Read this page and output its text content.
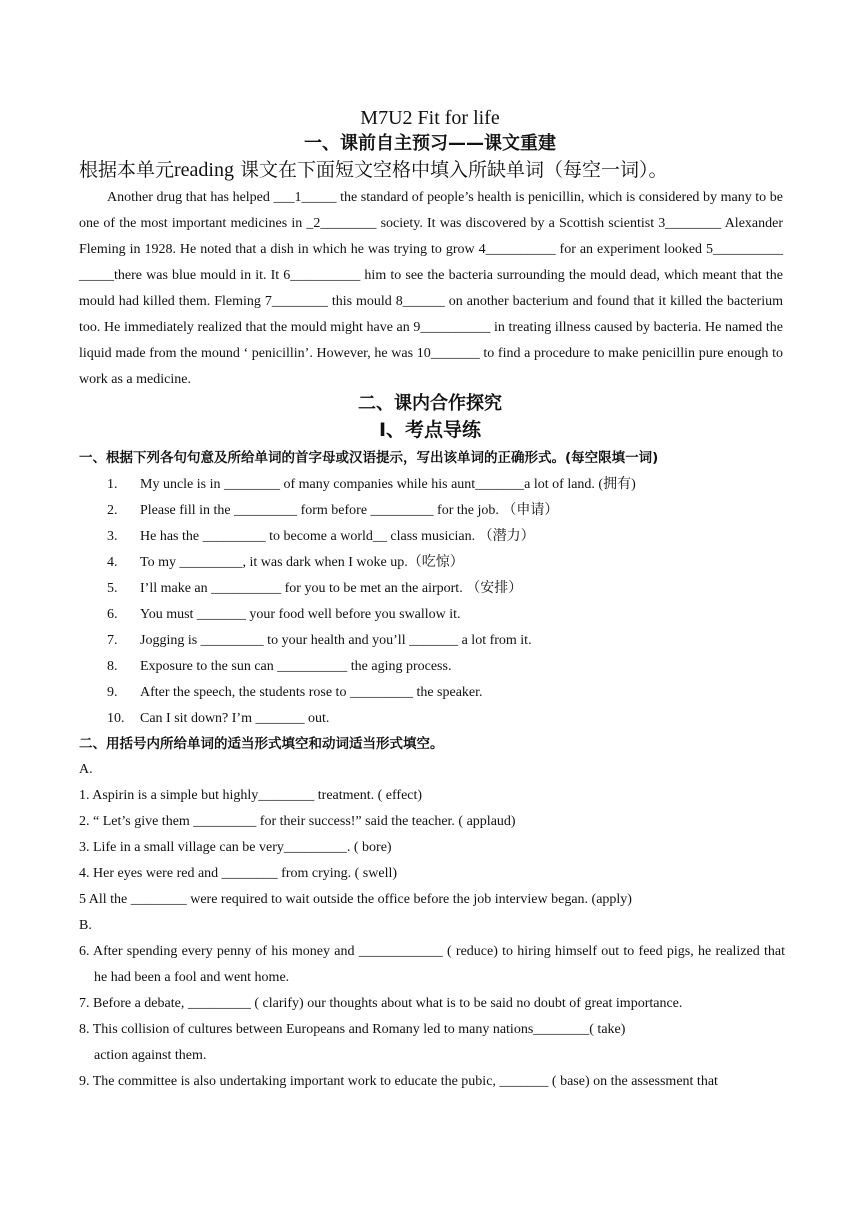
M7U2 Fit for life
一、课前自主预习——课文重建
根据本单元reading 课文在下面短文空格中填入所缺单词（每空一词）。
Another drug that has helped ___1_____ the standard of people’s health is penicillin, which is considered by many to be one of the most important medicines in _2________ society. It was discovered by a Scottish scientist 3________ Alexander Fleming in 1928. He noted that a dish in which he was trying to grow 4__________ for an experiment looked 5__________ _____there was blue mould in it. It 6__________ him to see the bacteria surrounding the mould dead, which meant that the mould had killed them. Fleming 7________ this mould 8______ on another bacterium and found that it killed the bacterium too. He immediately realized that the mould might have an 9__________ in treating illness caused by bacteria. He named the liquid made from the mound ‘ penicillin’. However, he was 10_______ to find a procedure to make penicillin pure enough to work as a medicine.
二、课内合作探究
I、考点导练
一、根据下列各句句意及所给单词的首字母或汉语提示，写出该单词的正确形式。(每空限填一词)
1. My uncle is in ________ of many companies while his aunt_______a lot of land. (拥有)
2. Please fill in the _________ form before _________ for the job. （申请）
3. He has the _________ to become a world__ class musician. （潜力）
4. To my _________, it was dark when I woke up.（吃惊）
5. I’ll make an __________ for you to be met an the airport. （安排）
6. You must _______ your food well before you swallow it.
7. Jogging is _________ to your health and you’ll _______ a lot from it.
8. Exposure to the sun can __________ the aging process.
9. After the speech, the students rose to _________ the speaker.
10. Can I sit down? I’m _______ out.
二、用括号内所给单词的适当形式填空和动词适当形式填空。
A.
1. Aspirin is a simple but highly________ treatment. ( effect)
2. “ Let’s give them _________ for their success!” said the teacher. ( applaud)
3. Life in a small village can be very_________. ( bore)
4. Her eyes were red and ________ from crying. ( swell)
5 All the ________ were required to wait outside the office before the job interview began. (apply)
B.
6. After spending every penny of his money and ____________ ( reduce) to hiring himself out to feed pigs, he realized that he had been a fool and went home.
7. Before a debate, _________ ( clarify) our thoughts about what is to be said no doubt of great importance.
8. This collision of cultures between Europeans and Romany led to many nations________( take)
action against them.
9. The committee is also undertaking important work to educate the pubic, _______ ( base) on the assessment that
